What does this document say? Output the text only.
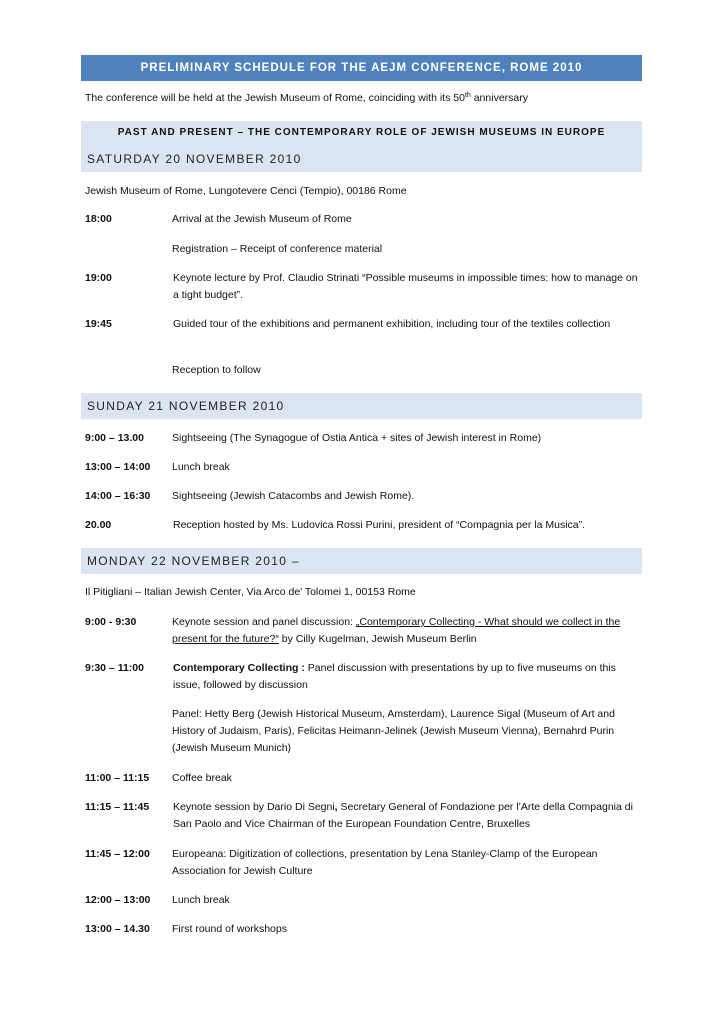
PRELIMINARY SCHEDULE FOR THE AEJM CONFERENCE, ROME 2010
The conference will be held at the Jewish Museum of Rome, coinciding with its 50th anniversary
PAST AND PRESENT – THE CONTEMPORARY ROLE OF JEWISH MUSEUMS IN EUROPE
SATURDAY 20 NOVEMBER 2010
Jewish Museum of Rome, Lungotevere Cenci (Tempio), 00186 Rome
18:00	Arrival at the Jewish Museum of Rome
Registration – Receipt of conference material
19:00	Keynote lecture by Prof. Claudio Strinati “Possible museums in impossible times: how to manage on a tight budget”.
19:45	Guided tour of the exhibitions and permanent exhibition, including tour of the textiles collection
Reception to follow
SUNDAY 21 NOVEMBER 2010
9:00 – 13.00	Sightseeing (The Synagogue of Ostia Antica + sites of Jewish interest in Rome)
13:00 – 14:00 Lunch break
14:00 – 16:30 Sightseeing (Jewish Catacombs and Jewish Rome).
20.00	Reception hosted by Ms. Ludovica Rossi Purini, president of “Compagnia per la Musica”.
MONDAY 22 NOVEMBER 2010 –
Il Pitigliani – Italian Jewish Center, Via Arco de’ Tolomei 1, 00153 Rome
9:00 - 9:30	Keynote session and panel discussion: „Contemporary Collecting - What should we collect in the present for the future?“ by Cilly Kugelman, Jewish Museum Berlin
9:30 – 11:00	Contemporary Collecting : Panel discussion with presentations by up to five museums on this issue, followed by discussion
Panel: Hetty Berg (Jewish Historical Museum, Amsterdam), Laurence Sigal (Museum of Art and History of Judaism, Paris), Felicitas Heimann-Jelinek (Jewish Museum Vienna), Bernahrd Purin (Jewish Museum Munich)
11:00 – 11:15 Coffee break
11:15 – 11:45 Keynote session by Dario Di Segni, Secretary General of Fondazione per l’Arte della Compagnia di San Paolo and Vice Chairman of the European Foundation Centre, Bruxelles
11:45 – 12:00 Europeana: Digitization of collections, presentation by Lena Stanley-Clamp of the European Association for Jewish Culture
12:00 – 13:00 Lunch break
13:00 – 14.30 First round of workshops
